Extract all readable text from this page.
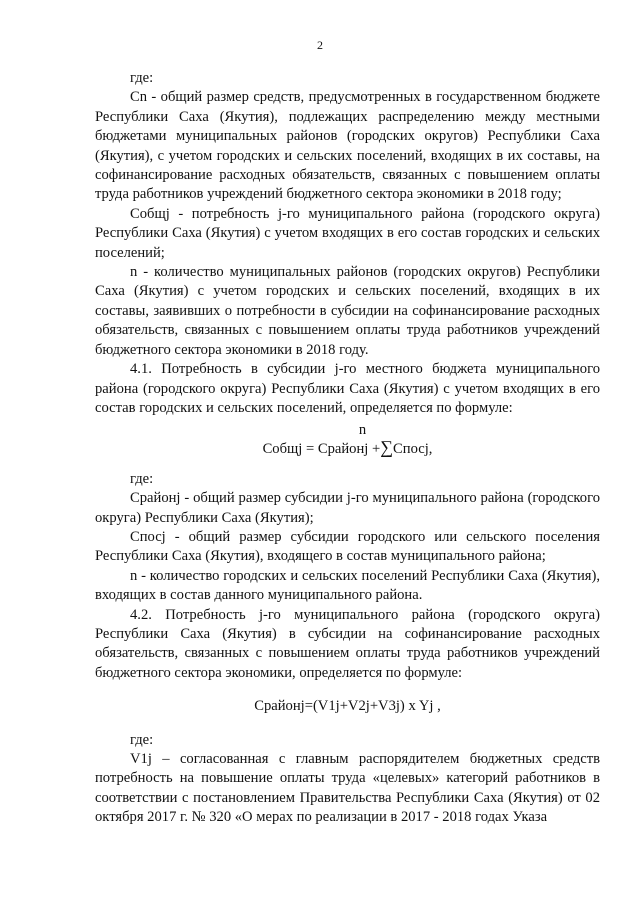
2

где:

Cn - общий размер средств, предусмотренных в государственном бюджете Республики Саха (Якутия), подлежащих распределению между местными бюджетами муниципальных районов (городских округов) Республики Саха (Якутия), с учетом городских и сельских поселений, входящих в их составы, на софинансирование расходных обязательств, связанных с повышением оплаты труда работников учреждений бюджетного сектора экономики в 2018 году;

Собщj - потребность j-го муниципального района (городского округа) Республики Саха (Якутия) с учетом входящих в его состав городских и сельских поселений;

n - количество муниципальных районов (городских округов) Республики Саха (Якутия) с учетом городских и сельских поселений, входящих в их составы, заявивших о потребности в субсидии на софинансирование расходных обязательств, связанных с повышением оплаты труда работников учреждений бюджетного сектора экономики в 2018 году.

4.1. Потребность в субсидии j-го местного бюджета муниципального района (городского округа) Республики Саха (Якутия) с учетом входящих в его состав городских и сельских поселений, определяется по формуле:

n
Собщj = Срайонj +∑Спосj,

где:

Срайонj - общий размер субсидии j-го муниципального района (городского округа) Республики Саха (Якутия);

Спосj - общий размер субсидии городского или сельского поселения Республики Саха (Якутия), входящего в состав муниципального района;

n - количество городских и сельских поселений Республики Саха (Якутия), входящих в состав данного муниципального района.

4.2. Потребность j-го муниципального района (городского округа) Республики Саха (Якутия) в субсидии на софинансирование расходных обязательств, связанных с повышением оплаты труда работников учреждений бюджетного сектора экономики, определяется по формуле:

Срайонj=(V1j+V2j+V3j) x Yj ,

где:

V1j – согласованная с главным распорядителем бюджетных средств потребность на повышение оплаты труда «целевых» категорий работников в соответствии с постановлением Правительства Республики Саха (Якутия) от 02 октября 2017 г. № 320 «О мерах по реализации в 2017 - 2018 годах Указа
